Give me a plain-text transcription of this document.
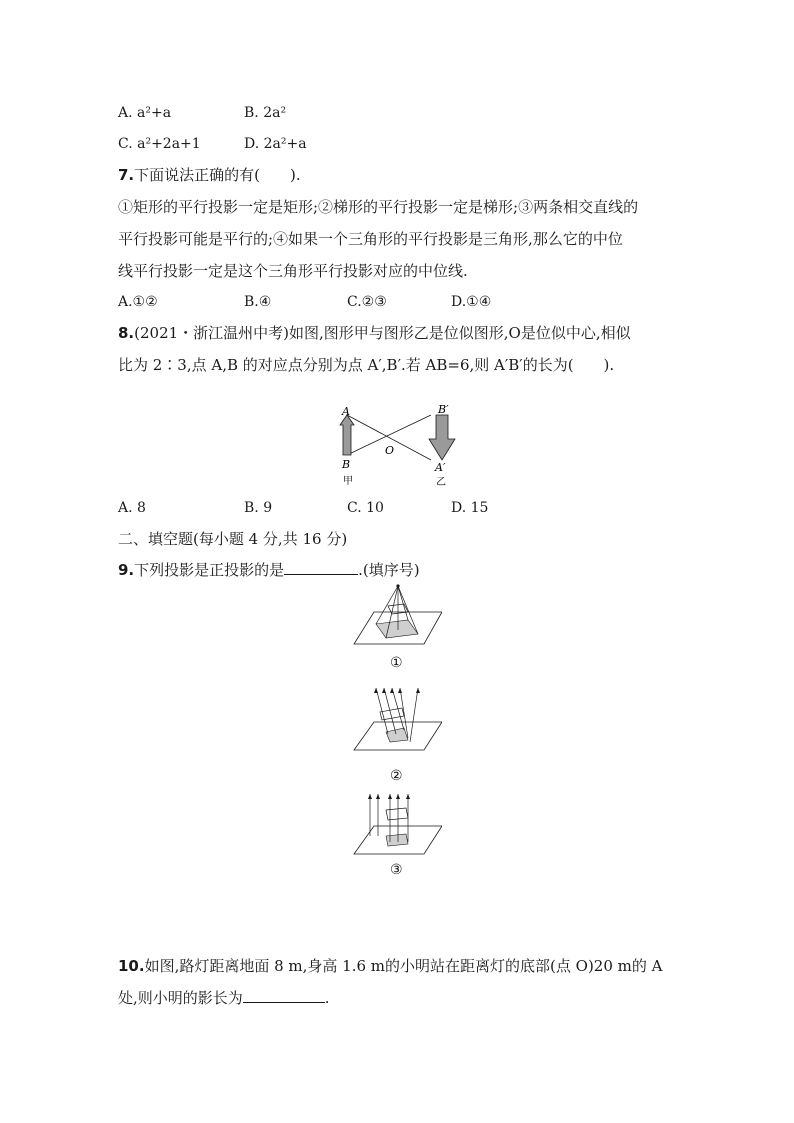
A. a²+a	B. 2a²
C. a²+2a+1	D. 2a²+a
7.下面说法正确的有(　　).
①矩形的平行投影一定是矩形;②梯形的平行投影一定是梯形;③两条相交直线的
平行投影可能是平行的;④如果一个三角形的平行投影是三角形,那么它的中位
线平行投影一定是这个三角形平行投影对应的中位线.
A.①②	B.④	C.②③	D.①④
8.(2021・浙江温州中考)如图,图形甲与图形乙是位似图形,O是位似中心,相似
比为 2∶3,点 A,B 的对应点分别为点 A′,B′.若 AB=6,则 A′B′的长为(　　).
A
B
O
B′
A′
甲	乙
A. 8	B. 9	C. 10	D. 15
二、填空题(每小题 4 分,共 16 分)
9.下列投影是正投影的是	.(填序号)
①
②
③
10.如图,路灯距离地面 8 m,身高 1.6 m的小明站在距离灯的底部(点 O)20 m的 A
处,则小明的影长为	.
